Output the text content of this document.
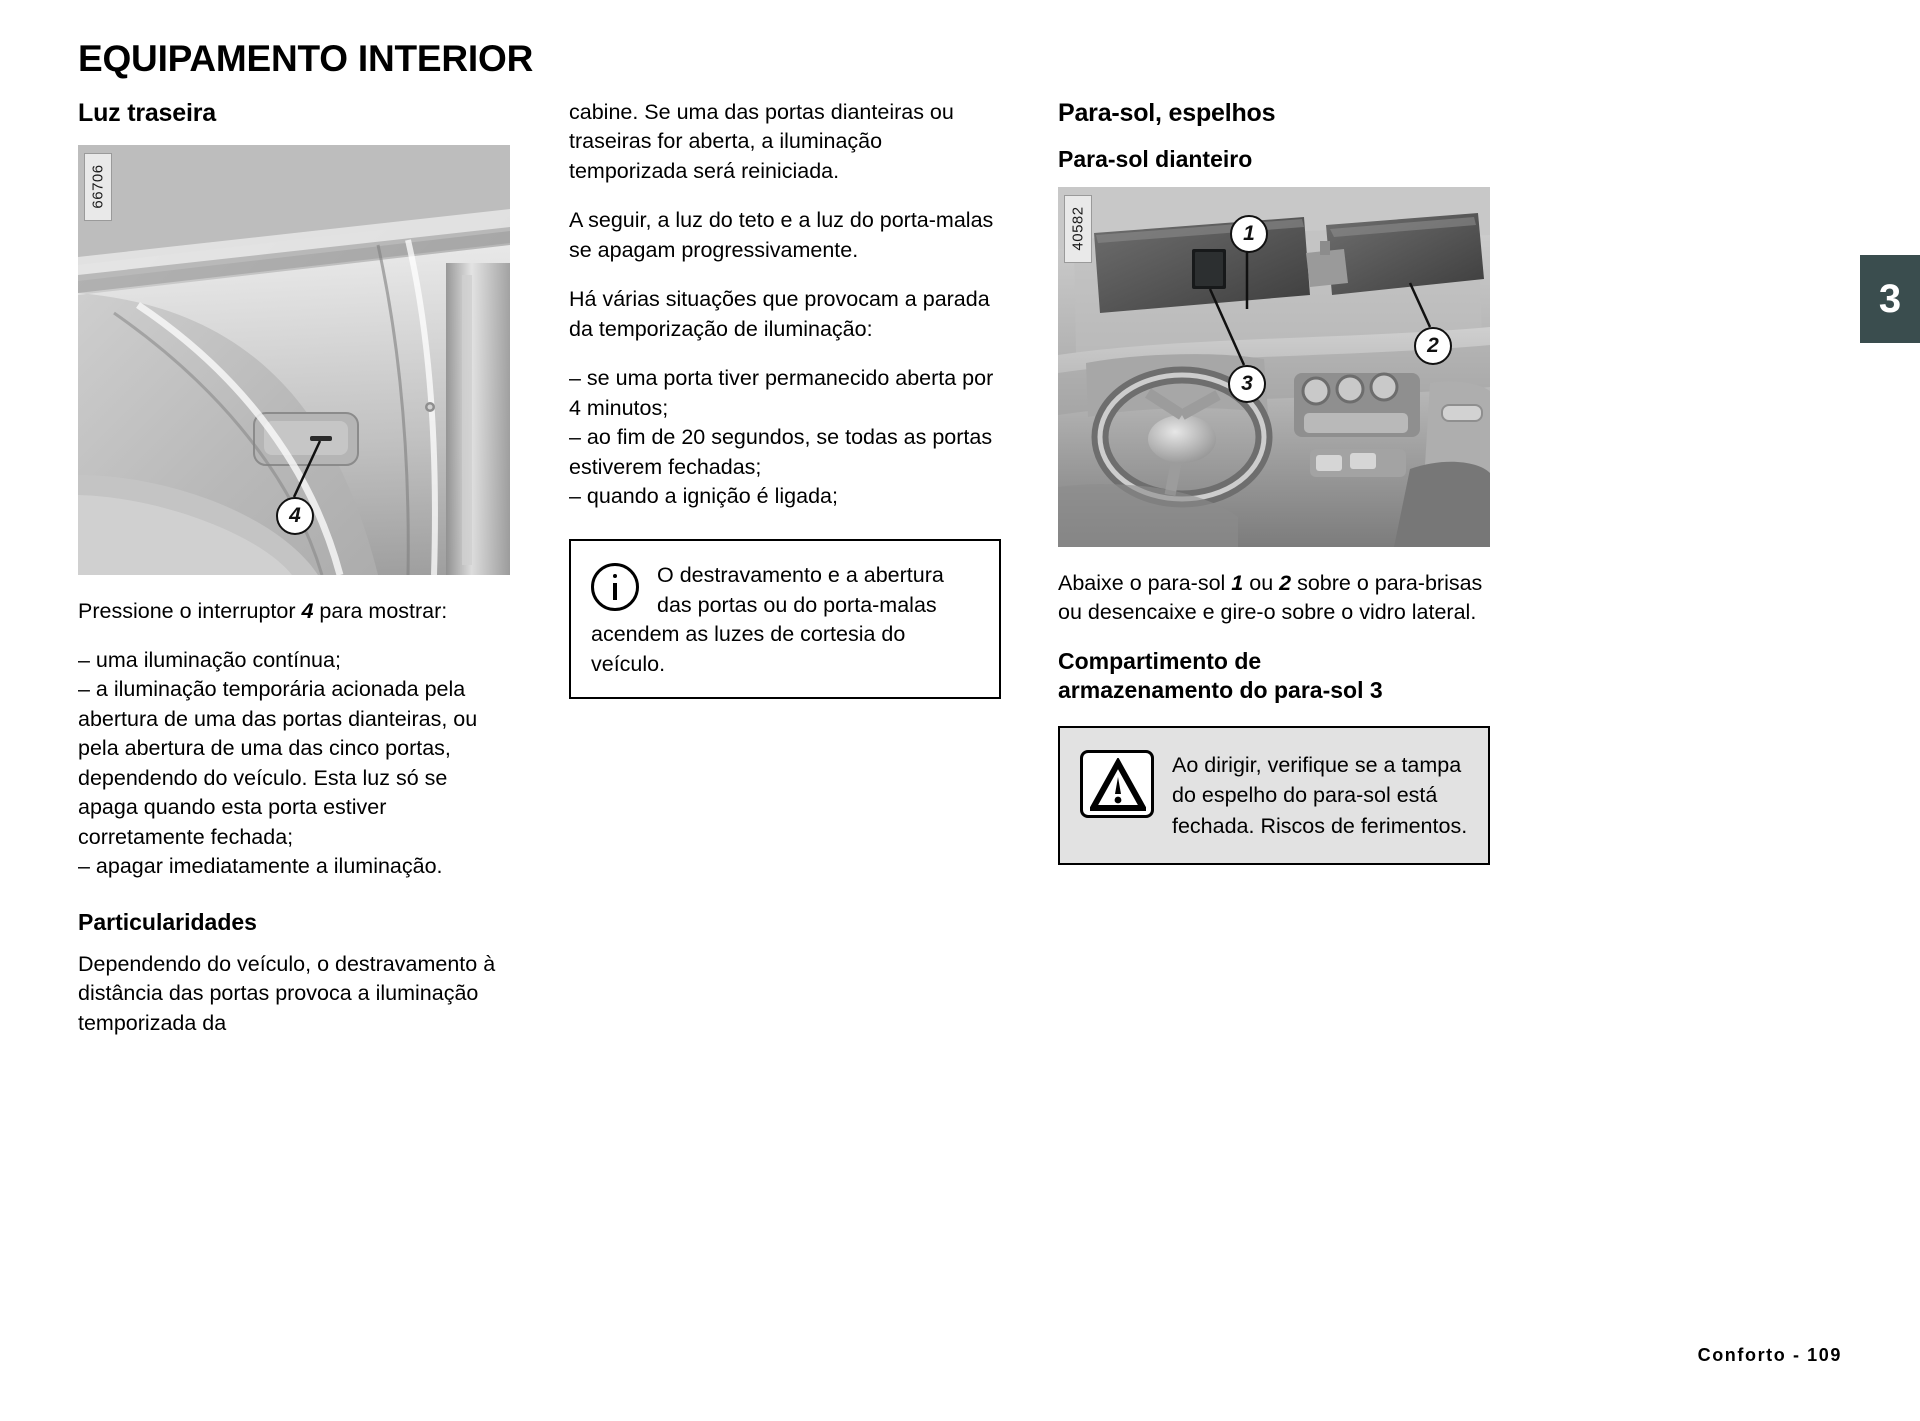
EQUIPAMENTO INTERIOR
3
Luz traseira
66706
4

Pressione o interruptor 4 para mostrar:

– uma iluminação contínua;

– a iluminação temporária acionada pela abertura de uma das portas dianteiras, ou pela abertura de uma das cinco portas, dependendo do veículo. Esta luz só se apaga quando esta porta estiver corretamente fechada;

– apagar imediatamente a iluminação.

Particularidades

Dependendo do veículo, o destravamento à distância das portas provoca a iluminação temporizada da

cabine. Se uma das portas dianteiras ou traseiras for aberta, a iluminação temporizada será reiniciada.

A seguir, a luz do teto e a luz do porta-malas se apagam progressivamente.

Há várias situações que provocam a parada da temporização de iluminação:

– se uma porta tiver permanecido aberta por 4 minutos;

– ao fim de 20 segundos, se todas as portas estiverem fechadas;

– quando a ignição é ligada;

O destravamento e a abertura das portas ou do porta-malas acendem as luzes de cortesia do veículo.
Para-sol, espelhos
Para-sol dianteiro
40582	1
2
3

Abaixe o para-sol 1 ou 2 sobre o para-brisas ou desencaixe e gire-o sobre o vidro lateral.

Compartimento de
armazenamento do para-sol 3
Ao dirigir, verifique se a tampa do espelho do para-sol está fechada. Riscos de ferimentos.
Conforto - 109
